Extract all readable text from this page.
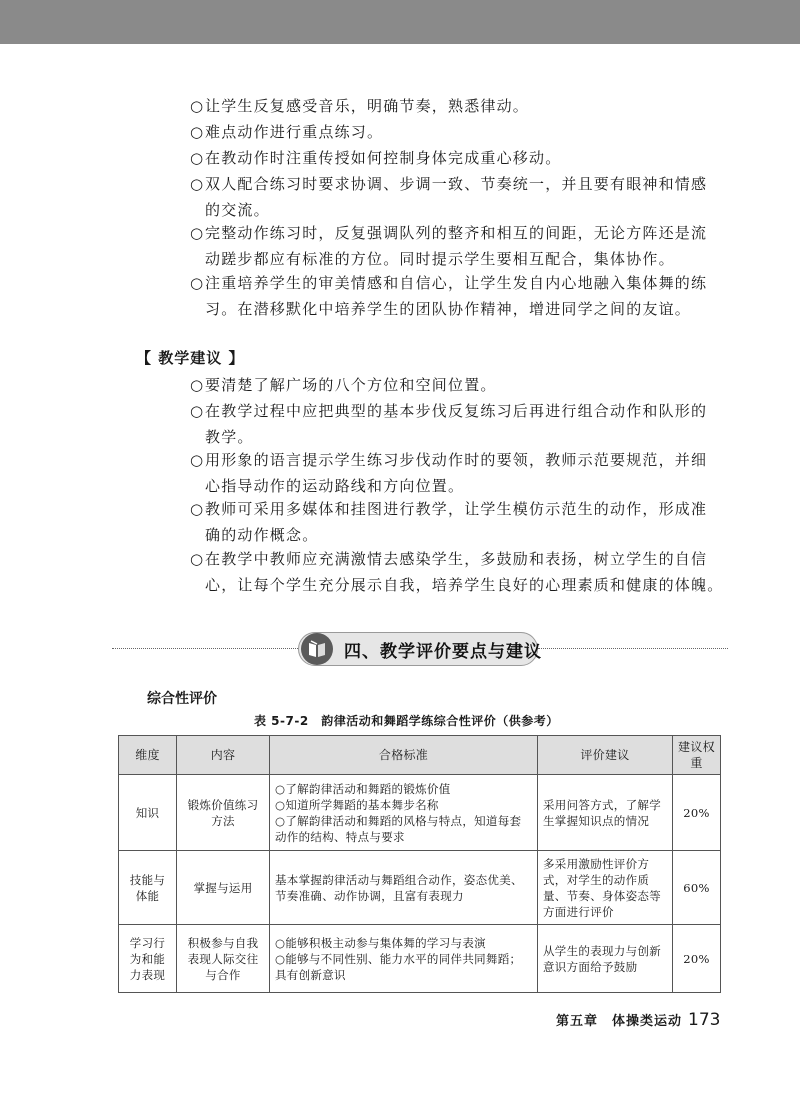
○让学生反复感受音乐，明确节奏，熟悉律动。
○难点动作进行重点练习。
○在教动作时注重传授如何控制身体完成重心移动。
○双人配合练习时要求协调、步调一致、节奏统一，并且要有眼神和情感
的交流。
○完整动作练习时，反复强调队列的整齐和相互的间距，无论方阵还是流
动蹉步都应有标准的方位。同时提示学生要相互配合，集体协作。
○注重培养学生的审美情感和自信心，让学生发自内心地融入集体舞的练
习。在潜移默化中培养学生的团队协作精神，增进同学之间的友谊。
【 教学建议 】
○要清楚了解广场的八个方位和空间位置。
○在教学过程中应把典型的基本步伐反复练习后再进行组合动作和队形的
教学。
○用形象的语言提示学生练习步伐动作时的要领，教师示范要规范，并细
心指导动作的运动路线和方向位置。
○教师可采用多媒体和挂图进行教学，让学生模仿示范生的动作，形成准
确的动作概念。
○在教学中教师应充满激情去感染学生，多鼓励和表扬，树立学生的自信
心，让每个学生充分展示自我，培养学生良好的心理素质和健康的体魄。
四、教学评价要点与建议
综合性评价
表 5-7-2　韵律活动和舞蹈学练综合性评价（供参考）
维度	内容	合格标准	评价建议	建议权重
知识	锻炼价值练习方法	○了解韵律活动和舞蹈的锻炼价值
○知道所学舞蹈的基本舞步名称
○了解韵律活动和舞蹈的风格与特点，知道每套动作的结构、特点与要求	采用问答方式，了解学生掌握知识点的情况	20%
技能与体能	掌握与运用	基本掌握韵律活动与舞蹈组合动作，姿态优美、节奏准确、动作协调，且富有表现力	多采用激励性评价方式，对学生的动作质量、节奏、身体姿态等方面进行评价	60%
学习行为和能力表现	积极参与自我表现人际交往与合作	○能够积极主动参与集体舞的学习与表演
○能够与不同性别、能力水平的同伴共同舞蹈；具有创新意识	从学生的表现力与创新意识方面给予鼓励	20%
第五章　体操类运动 173
